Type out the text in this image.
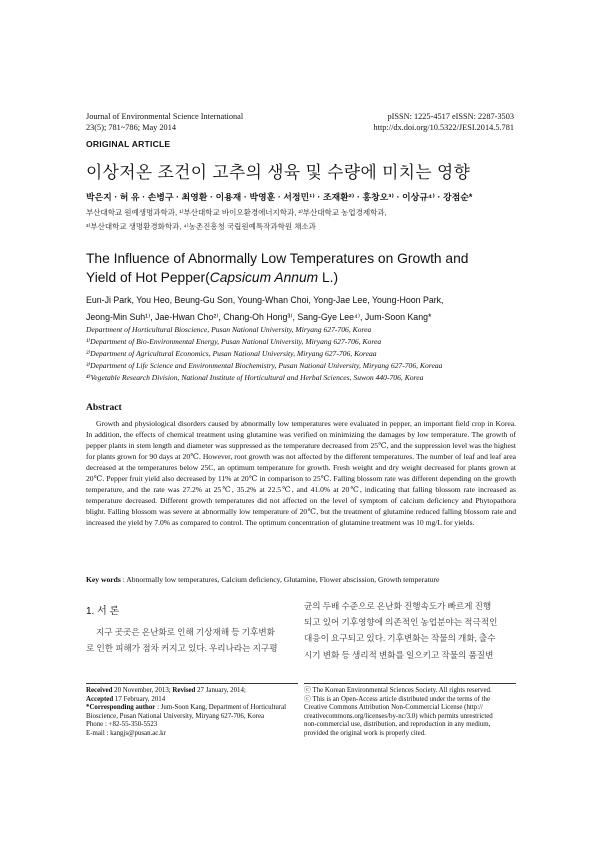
Journal of Environmental Science International
23(5); 781~786; May 2014
pISSN: 1225-4517 eISSN: 2287-3503
http://dx.doi.org/10.5322/JESI.2014.5.781
ORIGINAL ARTICLE
이상저온 조건이 고추의 생육 및 수량에 미치는 영향
박은지 · 허 유 · 손병구 · 최영환 · 이용재 · 박영훈 · 서정민¹⁾ · 조재환²⁾ · 홍창오³⁾ · 이상규⁴⁾ · 강점순*
부산대학교 원예생명과학과, ¹⁾부산대학교 바이오환경에너지학과, ²⁾부산대학교 농업경제학과,
³⁾부산대학교 생명환경화학과, ⁴⁾농촌진흥청 국립원예특작과학원 채소과
The Influence of Abnormally Low Temperatures on Growth and
Yield of Hot Pepper(Capsicum Annum L.)
Eun-Ji Park, You Heo, Beung-Gu Son, Young-Whan Choi, Yong-Jae Lee, Young-Hoon Park,
Jeong-Min Suh¹⁾, Jae-Hwan Cho²⁾, Chang-Oh Hong³⁾, Sang-Gye Lee⁴⁾, Jum-Soon Kang*
Department of Horticultural Bioscience, Pusan National University, Miryang 627-706, Korea
¹⁾Department of Bio-Environmental Energy, Pusan National University, Miryang 627-706, Korea
²⁾Department of Agricultural Economics, Pusan National University, Miryang 627-706, Koreaa
³⁾Department of Life Science and Environmental Biochemistry, Pusan National University, Miryang 627-706, Koreaa
⁴⁾Vegetable Research Division, National Institute of Horticultural and Herbal Sciences, Suwon 440-706, Korea
Abstract
Growth and physiological disorders caused by abnormally low temperatures were evaluated in pepper, an important field crop in Korea. In addition, the effects of chemical treatment using glutamine was verified on minimizing the damages by low temperature. The growth of pepper plants in stem length and diameter was suppressed as the temperature decreased from 25℃, and the suppression level was the highest for plants grown for 90 days at 20℃. However, root growth was not affected by the different temperatures. The number of leaf and leaf area decreased at the temperatures below 25C, an optimum temperature for growth. Fresh weight and dry weight decreased for plants grown at 20℃. Pepper fruit yield also decreased by 11% at 20℃ in comparison to 25℃. Falling blossom rate was different depending on the growth temperature, and the rate was 27.2% at 25℃, 35.2% at 22.5℃, and 41.0% at 20℃, indicating that falling blossom rate increased as temperature decreased. Different growth temperatures did not affected on the level of symptom of calcium deficiency and Phytopathora blight. Falling blossom was severe at abnormally low temperature of 20℃, but the treatment of glutamine reduced falling blossom rate and increased the yield by 7.0% as compared to control. The optimum concentration of glutamine treatment was 10 mg/L for yields.
Key words : Abnormally low temperatures, Calcium deficiency, Glutamine, Flower abscission, Growth temperature
1. 서 론
지구 곳곳은 온난화로 인해 기상재해 등 기후변화
로 인한 피해가 점차 커지고 있다. 우리나라는 지구평
균의 두배 수준으로 온난화 진행속도가 빠르게 진행
되고 있어 기후영향에 의존적인 농업분야는 적극적인
대응이 요구되고 있다. 기후변화는 작물의 개화, 출수
시기 변화 등 생리적 변화를 일으키고 작물의 품질변
Received 20 November, 2013; Revised 27 January, 2014;
Accepted 17 February, 2014
*Corresponding author : Jum-Soon Kang, Department of Horticultural
Bioscience, Pusan National University, Miryang 627-706, Korea
Phone : +82-55-350-5523
E-mail : kangjs@pusan.ac.kr
ⓒ The Korean Environmental Sciences Society. All rights reserved.
ⓒ This is an Open-Access article distributed under the terms of the
Creative Commons Attribution Non-Commercial License (http://
creativecommons.org/licenses/by-nc/3.0) which permits unrestricted
non-commercial use, distribution, and reproduction in any medium,
provided the original work is properly cited.
